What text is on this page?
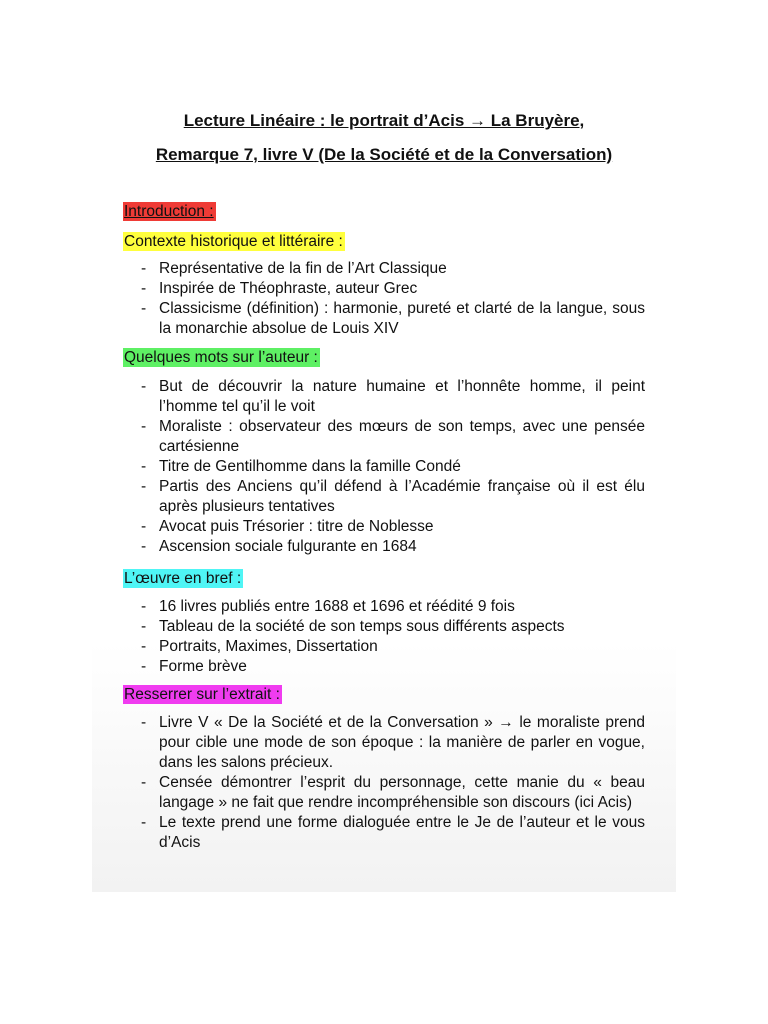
Lecture Linéaire : le portrait d’Acis → La Bruyère,
Remarque 7, livre V (De la Société et de la Conversation)
Introduction :
Contexte historique et littéraire :
- Représentative de la fin de l’Art Classique
- Inspirée de Théophraste, auteur Grec
- Classicisme (définition) : harmonie, pureté et clarté de la langue, sous la monarchie absolue de Louis XIV
Quelques mots sur l’auteur :
- But de découvrir la nature humaine et l’honnête homme, il peint l’homme tel qu’il le voit
- Moraliste : observateur des mœurs de son temps, avec une pensée cartésienne
- Titre de Gentilhomme dans la famille Condé
- Partis des Anciens qu’il défend à l’Académie française où il est élu après plusieurs tentatives
- Avocat puis Trésorier : titre de Noblesse
- Ascension sociale fulgurante en 1684
L’œuvre en bref :
- 16 livres publiés entre 1688 et 1696 et réédité 9 fois
- Tableau de la société de son temps sous différents aspects
- Portraits, Maximes, Dissertation
- Forme brève
Resserrer sur l’extrait :
- Livre V « De la Société et de la Conversation » → le moraliste prend pour cible une mode de son époque : la manière de parler en vogue, dans les salons précieux.
- Censée démontrer l’esprit du personnage, cette manie du « beau langage » ne fait que rendre incompréhensible son discours (ici Acis)
- Le texte prend une forme dialoguée entre le Je de l’auteur et le vous d’Acis
